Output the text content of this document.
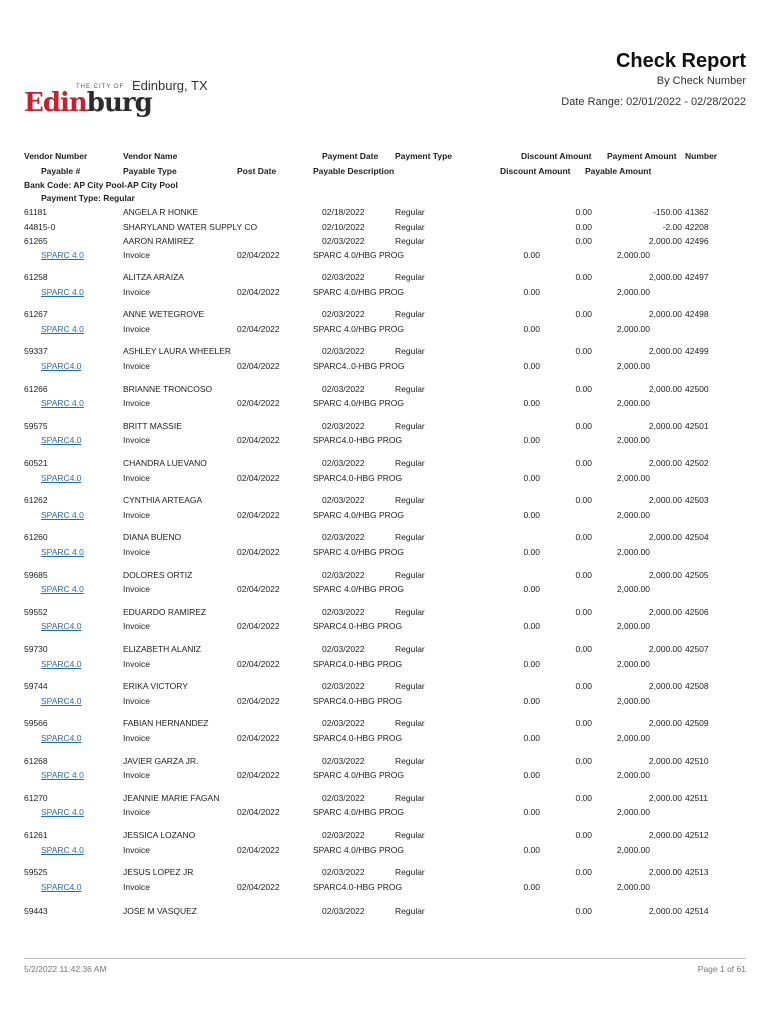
THE CITY OF
Edinburg
Edinburg, TX
Check Report
By Check Number
Date Range: 02/01/2022 - 02/28/2022
Vendor Number	Vendor Name	Payment Date Payment Type	Discount Amount Payment Amount Number
Payable #	Payable Type	Post Date	Payable Description	Discount Amount Payable Amount
Bank Code: AP City Pool-AP City Pool
Payment Type: Regular
61181	ANGELA R HONKE	02/18/2022	Regular	0.00	-150.00 41362
44815-0	SHARYLAND WATER SUPPLY CO	02/10/2022	Regular	0.00	-2.00 42208
61265	AARON RAMIREZ	02/03/2022	Regular	0.00	2,000.00 42496
SPARC 4.0	Invoice	02/04/2022	SPARC 4.0/HBG PROG	0.00	2,000.00
61258	ALITZA ARAIZA	02/03/2022	Regular	0.00	2,000.00 42497
SPARC 4.0	Invoice	02/04/2022	SPARC 4.0/HBG PROG	0.00	2,000.00
61267	ANNE WETEGROVE	02/03/2022	Regular	0.00	2,000.00 42498
SPARC 4.0	Invoice	02/04/2022	SPARC 4.0/HBG PROG	0.00	2,000.00
59337	ASHLEY LAURA WHEELER	02/03/2022	Regular	0.00	2,000.00 42499
SPARC4.0	Invoice	02/04/2022	SPARC4..0-HBG PROG	0.00	2,000.00
61266	BRIANNE TRONCOSO	02/03/2022	Regular	0.00	2,000.00 42500
SPARC 4.0	Invoice	02/04/2022	SPARC 4.0/HBG PROG	0.00	2,000.00
59575	BRITT MASSIE	02/03/2022	Regular	0.00	2,000.00 42501
SPARC4.0	Invoice	02/04/2022	SPARC4.0-HBG PROG	0.00	2,000.00
60521	CHANDRA LUEVANO	02/03/2022	Regular	0.00	2,000.00 42502
SPARC4.0	Invoice	02/04/2022	SPARC4.0-HBG PROG	0.00	2,000.00
61262	CYNTHIA ARTEAGA	02/03/2022	Regular	0.00	2,000.00 42503
SPARC 4.0	Invoice	02/04/2022	SPARC 4.0/HBG PROG	0.00	2,000.00
61260	DIANA BUENO	02/03/2022	Regular	0.00	2,000.00 42504
SPARC 4.0	Invoice	02/04/2022	SPARC 4.0/HBG PROG	0.00	2,000.00
59685	DOLORES ORTIZ	02/03/2022	Regular	0.00	2,000.00 42505
SPARC 4.0	Invoice	02/04/2022	SPARC 4.0/HBG PROG	0.00	2,000.00
59552	EDUARDO RAMIREZ	02/03/2022	Regular	0.00	2,000.00 42506
SPARC4.0	Invoice	02/04/2022	SPARC4.0-HBG PROG	0.00	2,000.00
59730	ELIZABETH ALANIZ	02/03/2022	Regular	0.00	2,000.00 42507
SPARC4.0	Invoice	02/04/2022	SPARC4.0-HBG PROG	0.00	2,000.00
59744	ERIKA VICTORY	02/03/2022	Regular	0.00	2,000.00 42508
SPARC4.0	Invoice	02/04/2022	SPARC4.0-HBG PROG	0.00	2,000.00
59566	FABIAN HERNANDEZ	02/03/2022	Regular	0.00	2,000.00 42509
SPARC4.0	Invoice	02/04/2022	SPARC4.0-HBG PROG	0.00	2,000.00
61268	JAVIER GARZA JR.	02/03/2022	Regular	0.00	2,000.00 42510
SPARC 4.0	Invoice	02/04/2022	SPARC 4.0/HBG PROG	0.00	2,000.00
61270	JEANNIE MARIE FAGAN	02/03/2022	Regular	0.00	2,000.00 42511
SPARC 4.0	Invoice	02/04/2022	SPARC 4.0/HBG PROG	0.00	2,000.00
61261	JESSICA LOZANO	02/03/2022	Regular	0.00	2,000.00 42512
SPARC 4.0	Invoice	02/04/2022	SPARC 4.0/HBG PROG	0.00	2,000.00
59525	JESUS LOPEZ JR	02/03/2022	Regular	0.00	2,000.00 42513
SPARC4.0	Invoice	02/04/2022	SPARC4.0-HBG PROG	0.00	2,000.00
59443	JOSE M VASQUEZ	02/03/2022	Regular	0.00	2,000.00 42514
5/2/2022 11:42:36 AM	Page 1 of 61
